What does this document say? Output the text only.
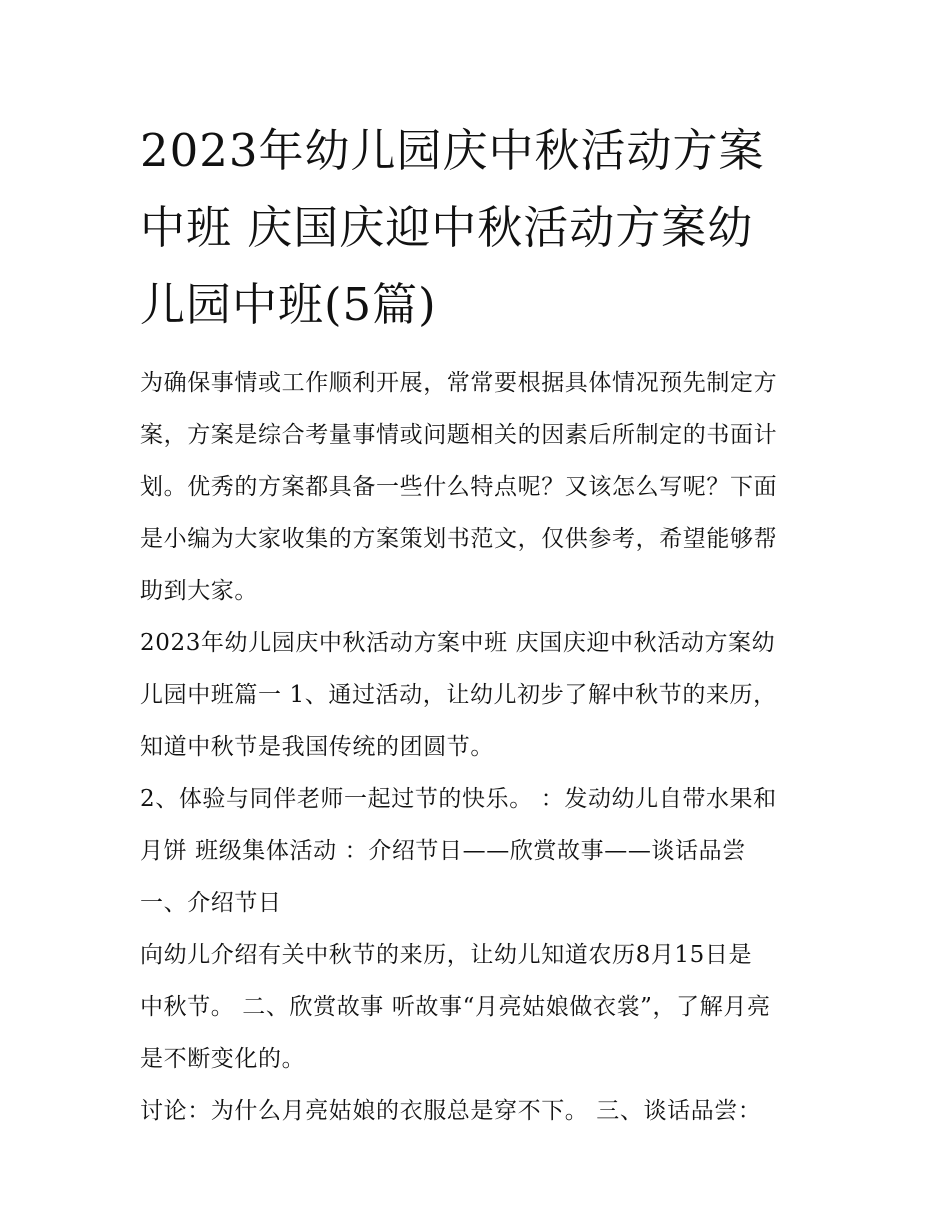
2023年幼儿园庆中秋活动方案
中班 庆国庆迎中秋活动方案幼
儿园中班(5篇)
为确保事情或工作顺利开展，常常要根据具体情况预先制定方
案，方案是综合考量事情或问题相关的因素后所制定的书面计
划。优秀的方案都具备一些什么特点呢？又该怎么写呢？下面
是小编为大家收集的方案策划书范文，仅供参考，希望能够帮
助到大家。
2023年幼儿园庆中秋活动方案中班 庆国庆迎中秋活动方案幼
儿园中班篇一 1、通过活动，让幼儿初步了解中秋节的来历，
知道中秋节是我国传统的团圆节。
2、体验与同伴老师一起过节的快乐。 ：发动幼儿自带水果和
月饼 班级集体活动 ：介绍节日——欣赏故事——谈话品尝
一、介绍节日
向幼儿介绍有关中秋节的来历，让幼儿知道农历8月15日是
中秋节。 二、欣赏故事 听故事“月亮姑娘做衣裳”，了解月亮
是不断变化的。
讨论：为什么月亮姑娘的衣服总是穿不下。 三、谈话品尝：
